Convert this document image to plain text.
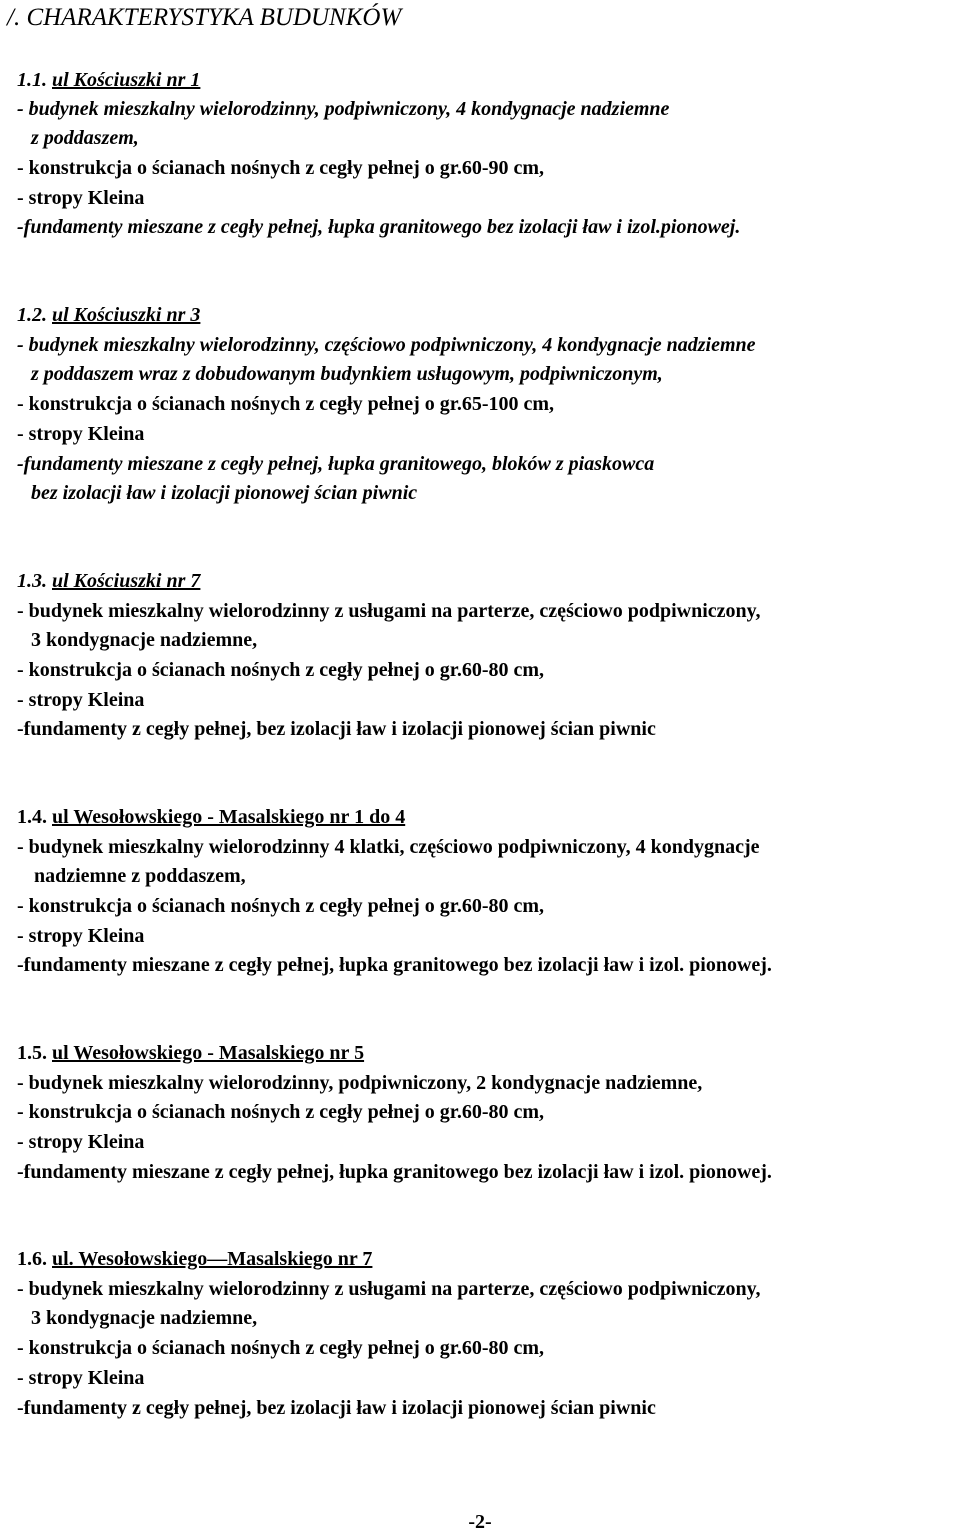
/. CHARAKTERYSTYKA BUDUNKÓW
1.1. ul Kościuszki nr 1
- budynek mieszkalny wielorodzinny, podpiwniczony, 4 kondygnacje nadziemne
z poddaszem,
- konstrukcja o ścianach nośnych z cegły pełnej o gr.60-90 cm,
- stropy Kleina
-fundamenty mieszane z cegły pełnej, łupka granitowego bez izolacji ław i izol.pionowej.
1.2. ul Kościuszki nr 3
- budynek mieszkalny wielorodzinny, częściowo podpiwniczony, 4 kondygnacje nadziemne
z poddaszem wraz z dobudowanym budynkiem usługowym, podpiwniczonym,
- konstrukcja o ścianach nośnych z cegły pełnej o gr.65-100 cm,
- stropy Kleina
-fundamenty mieszane z cegły pełnej, łupka granitowego, bloków z piaskowca
bez izolacji ław i izolacji pionowej ścian piwnic
1.3. ul Kościuszki nr 7
- budynek mieszkalny wielorodzinny z usługami na parterze, częściowo podpiwniczony,
3 kondygnacje nadziemne,
- konstrukcja o ścianach nośnych z cegły pełnej o gr.60-80 cm,
- stropy Kleina
-fundamenty z cegły pełnej, bez izolacji ław i izolacji pionowej ścian piwnic
1.4. ul Wesołowskiego - Masalskiego nr 1 do 4
- budynek mieszkalny wielorodzinny 4 klatki, częściowo podpiwniczony, 4 kondygnacje
nadziemne z poddaszem,
- konstrukcja o ścianach nośnych z cegły pełnej o gr.60-80 cm,
- stropy Kleina
-fundamenty mieszane z cegły pełnej, łupka granitowego bez izolacji ław i izol. pionowej.
1.5. ul Wesołowskiego - Masalskiego nr 5
- budynek mieszkalny wielorodzinny, podpiwniczony, 2 kondygnacje nadziemne,
- konstrukcja o ścianach nośnych z cegły pełnej o gr.60-80 cm,
- stropy Kleina
-fundamenty mieszane z cegły pełnej, łupka granitowego bez izolacji ław i izol. pionowej.
1.6. ul. Wesołowskiego—Masalskiego nr 7
- budynek mieszkalny wielorodzinny z usługami na parterze, częściowo podpiwniczony,
3 kondygnacje nadziemne,
- konstrukcja o ścianach nośnych z cegły pełnej o gr.60-80 cm,
- stropy Kleina
-fundamenty z cegły pełnej, bez izolacji ław i izolacji pionowej ścian piwnic
-2-
